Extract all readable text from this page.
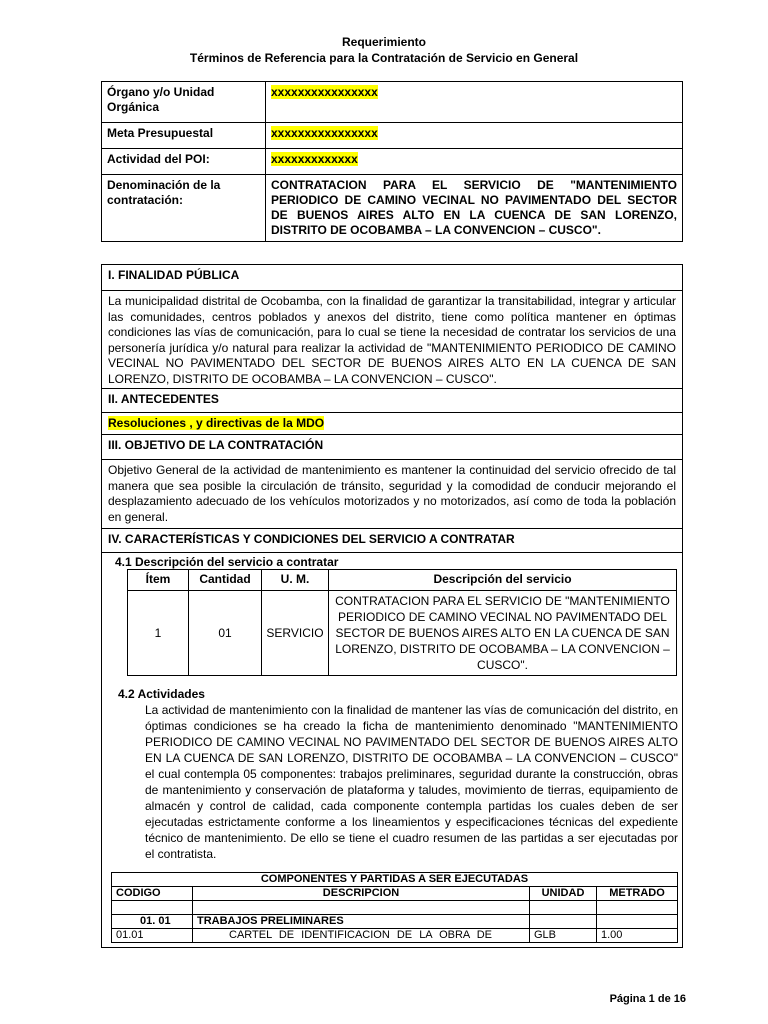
Requerimiento
Términos de Referencia para la Contratación de Servicio en General
Órgano y/o Unidad Orgánica	xxxxxxxxxxxxxxxx
Meta Presupuestal	xxxxxxxxxxxxxxxx
Actividad del POI:	xxxxxxxxxxxxx
Denominación de la contratación:	CONTRATACION PARA EL SERVICIO DE "MANTENIMIENTO PERIODICO DE CAMINO VECINAL NO PAVIMENTADO DEL SECTOR DE BUENOS AIRES ALTO EN LA CUENCA DE SAN LORENZO, DISTRITO DE OCOBAMBA – LA CONVENCION – CUSCO".
I. FINALIDAD PÚBLICA
La municipalidad distrital de Ocobamba, con la finalidad de garantizar la transitabilidad, integrar y articular las comunidades, centros poblados y anexos del distrito, tiene como política mantener en óptimas condiciones las vías de comunicación, para lo cual se tiene la necesidad de contratar los servicios de una personería jurídica y/o natural para realizar la actividad de "MANTENIMIENTO PERIODICO DE CAMINO VECINAL NO PAVIMENTADO DEL SECTOR DE BUENOS AIRES ALTO EN LA CUENCA DE SAN LORENZO, DISTRITO DE OCOBAMBA – LA CONVENCION – CUSCO".
II. ANTECEDENTES
Resoluciones , y directivas de la MDO
III. OBJETIVO DE LA CONTRATACIÓN
Objetivo General de la actividad de mantenimiento es mantener la continuidad del servicio ofrecido de tal manera que sea posible la circulación de tránsito, seguridad y la comodidad de conducir mejorando el desplazamiento adecuado de los vehículos motorizados y no motorizados, así como de toda la población en general.
IV. CARACTERÍSTICAS Y CONDICIONES DEL SERVICIO A CONTRATAR
4.1 Descripción del servicio a contratar
Ítem	Cantidad	U. M.	Descripción del servicio
1	01	SERVICIO	CONTRATACION PARA EL SERVICIO DE "MANTENIMIENTO PERIODICO DE CAMINO VECINAL NO PAVIMENTADO DEL SECTOR DE BUENOS AIRES ALTO EN LA CUENCA DE SAN LORENZO, DISTRITO DE OCOBAMBA – LA CONVENCION – CUSCO".
4.2 Actividades
La actividad de mantenimiento con la finalidad de mantener las vías de comunicación del distrito, en óptimas condiciones se ha creado la ficha de mantenimiento denominado "MANTENIMIENTO PERIODICO DE CAMINO VECINAL NO PAVIMENTADO DEL SECTOR DE BUENOS AIRES ALTO EN LA CUENCA DE SAN LORENZO, DISTRITO DE OCOBAMBA – LA CONVENCION – CUSCO" el cual contempla 05 componentes: trabajos preliminares, seguridad durante la construcción, obras de mantenimiento y conservación de plataforma y taludes, movimiento de tierras, equipamiento de almacén y control de calidad, cada componente contempla partidas los cuales deben de ser ejecutadas estrictamente conforme a los lineamientos y especificaciones técnicas del expediente técnico de mantenimiento. De ello se tiene el cuadro resumen de las partidas a ser ejecutadas por el contratista.
COMPONENTES Y PARTIDAS A SER EJECUTADAS			
CODIGO	DESCRIPCION	UNIDAD	METRADO

01. 01	TRABAJOS PRELIMINARES		
01.01	CARTEL DE IDENTIFICACION DE LA OBRA DE	GLB	1.00
Página 1 de 16
